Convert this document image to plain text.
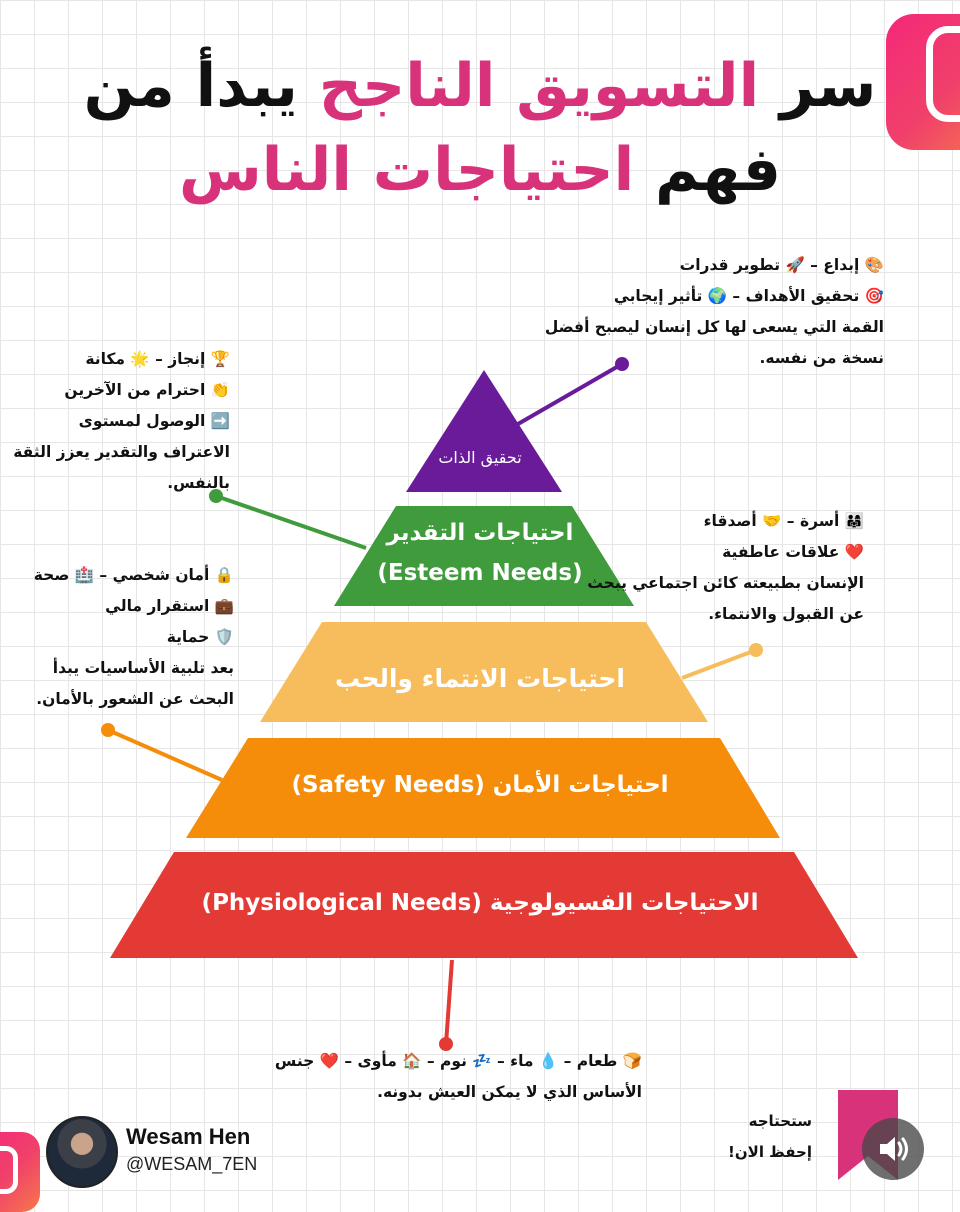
سر التسويق الناجح يبدأ من
فهم احتياجات الناس
تحقيق الذات
احتياجات التقدير
(Esteem Needs)
احتياجات الانتماء والحب
احتياجات الأمان (Safety Needs)
الاحتياجات الفسيولوجية (Physiological Needs)
🎨 إبداع – 🚀 تطوير قدرات
🎯 تحقيق الأهداف – 🌍 تأثير إيجابي
القمة التي يسعى لها كل إنسان ليصبح أفضل
نسخة من نفسه.
🏆 إنجاز – 🌟 مكانة
👏 احترام من الآخرين
➡️ الوصول لمستوى
الاعتراف والتقدير يعزز الثقة
بالنفس.
👨‍👩‍👧 أسرة – 🤝 أصدقاء
❤️ علاقات عاطفية
الإنسان بطبيعته كائن اجتماعي يبحث
عن القبول والانتماء.
🔒 أمان شخصي – 🏥 صحة
💼 استقرار مالي
🛡️ حماية
بعد تلبية الأساسيات يبدأ
البحث عن الشعور بالأمان.
🍞 طعام – 💧 ماء – 💤 نوم – 🏠 مأوى – ❤️ جنس
الأساس الذي لا يمكن العيش بدونه.
Wesam Hen
@WESAM_7EN
ستحتاجه
إحفظ الان!
